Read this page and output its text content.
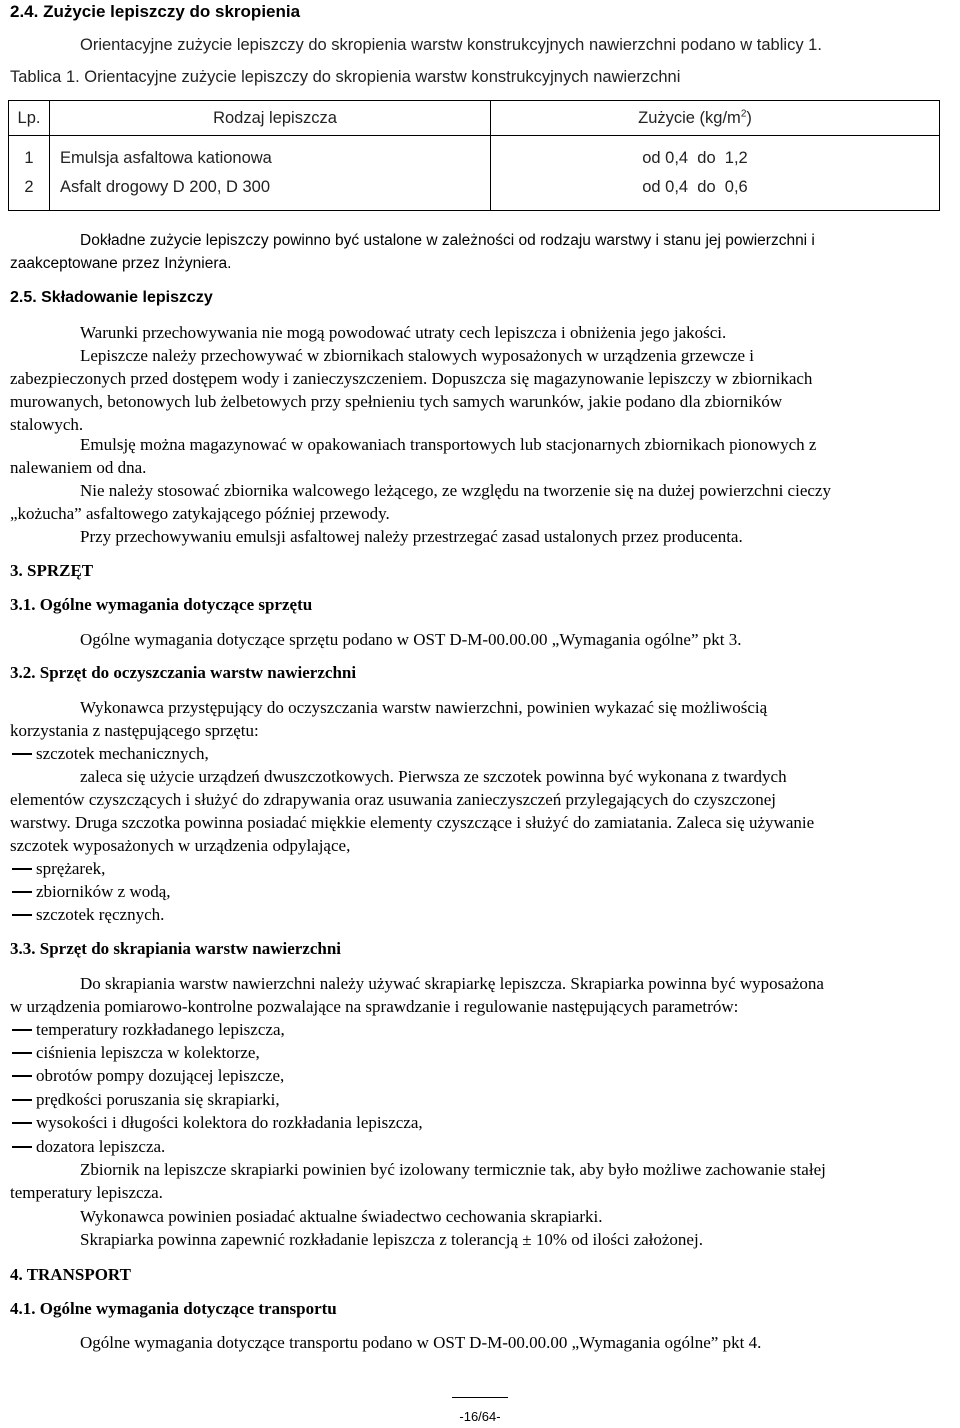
2.4. Zużycie lepiszczy do skropienia
Orientacyjne zużycie lepiszczy do skropienia warstw konstrukcyjnych nawierzchni podano w tablicy 1.
Tablica 1. Orientacyjne zużycie lepiszczy do skropienia warstw konstrukcyjnych nawierzchni
Lp.	Rodzaj lepiszcza	Zużycie $(kg/m^2)$
1	Emulsja asfaltowa kationowa	od 0,4  do  1,2
2	Asfalt drogowy D 200, D 300	od 0,4  do  0,6
Dokładne zużycie lepiszczy powinno być ustalone w zależności od rodzaju warstwy i stanu jej powierzchni i
zaakceptowane przez Inżyniera.
2.5. Składowanie lepiszczy
Warunki przechowywania nie mogą powodować utraty cech lepiszcza i obniżenia jego jakości.
Lepiszcze należy przechowywać w zbiornikach stalowych wyposażonych w urządzenia grzewcze i
zabezpieczonych przed dostępem wody i zanieczyszczeniem. Dopuszcza się magazynowanie lepiszczy w zbiornikach
murowanych, betonowych lub żelbetowych przy spełnieniu tych samych warunków, jakie podano dla zbiorników
stalowych.
Emulsję można magazynować w opakowaniach transportowych lub stacjonarnych zbiornikach pionowych z
nalewaniem od dna.
Nie należy stosować zbiornika walcowego leżącego, ze względu na tworzenie się na dużej powierzchni cieczy
„kożucha” asfaltowego zatykającego później przewody.
Przy przechowywaniu emulsji asfaltowej należy przestrzegać zasad ustalonych przez producenta.
3. SPRZĘT
3.1. Ogólne wymagania dotyczące sprzętu
Ogólne wymagania dotyczące sprzętu podano w OST D-M-00.00.00 „Wymagania ogólne” pkt 3.
3.2. Sprzęt do oczyszczania warstw nawierzchni
Wykonawca przystępujący do oczyszczania warstw nawierzchni, powinien wykazać się możliwością
korzystania z następującego sprzętu:
szczotek mechanicznych,
zaleca się użycie urządzeń dwuszczotkowych. Pierwsza ze szczotek powinna być wykonana z twardych
elementów czyszczących i służyć do zdrapywania oraz usuwania zanieczyszczeń przylegających do czyszczonej
warstwy. Druga szczotka powinna posiadać miękkie elementy czyszczące i służyć do zamiatania. Zaleca się używanie
szczotek wyposażonych w urządzenia odpylające,
sprężarek,
zbiorników z wodą,
szczotek ręcznych.
3.3. Sprzęt do skrapiania warstw nawierzchni
Do skrapiania warstw nawierzchni należy używać skrapiarkę lepiszcza. Skrapiarka powinna być wyposażona
w urządzenia pomiarowo-kontrolne pozwalające na sprawdzanie i regulowanie następujących parametrów:
temperatury rozkładanego lepiszcza,
ciśnienia lepiszcza w kolektorze,
obrotów pompy dozującej lepiszcze,
prędkości poruszania się skrapiarki,
wysokości i długości kolektora do rozkładania lepiszcza,
dozatora lepiszcza.
Zbiornik na lepiszcze skrapiarki powinien być izolowany termicznie tak, aby było możliwe zachowanie stałej
temperatury lepiszcza.
Wykonawca powinien posiadać aktualne świadectwo cechowania skrapiarki.
Skrapiarka powinna zapewnić rozkładanie lepiszcza z tolerancją ± 10% od ilości założonej.
4. TRANSPORT
4.1. Ogólne wymagania dotyczące transportu
Ogólne wymagania dotyczące transportu podano w OST D-M-00.00.00 „Wymagania ogólne” pkt 4.
-16/64-
